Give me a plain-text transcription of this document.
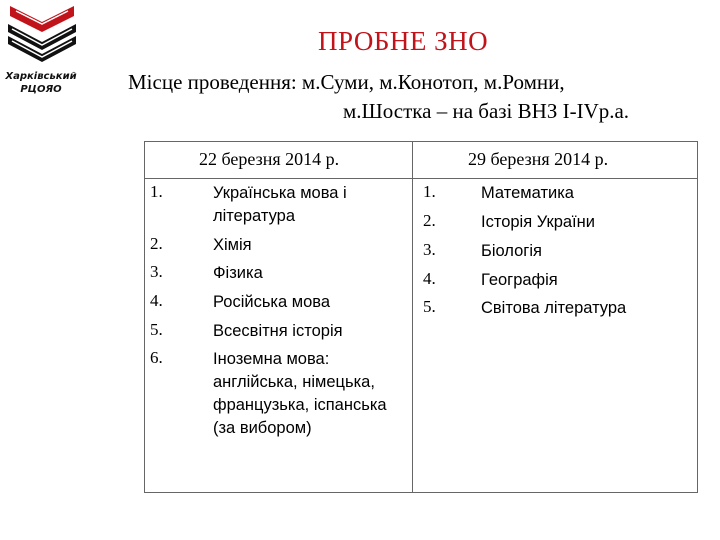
Харківський
РЦОЯО
ПРОБНЕ ЗНО
Місце проведення: м.Суми, м.Конотоп, м.Ромни,
м.Шостка – на базі ВНЗ І-ІVр.а.
22 березня 2014 р.	29 березня 2014 р.
1.	Українська мова і література
2.	Хімія
3.	Фізика
4.	Російська мова
5.	Всесвітня історія
6.	Іноземна мова: англійська, німецька, французька, іспанська (за вибором)
1.	Математика
2.	Історія України
3.	Біологія
4.	Географія
5.	Світова література
